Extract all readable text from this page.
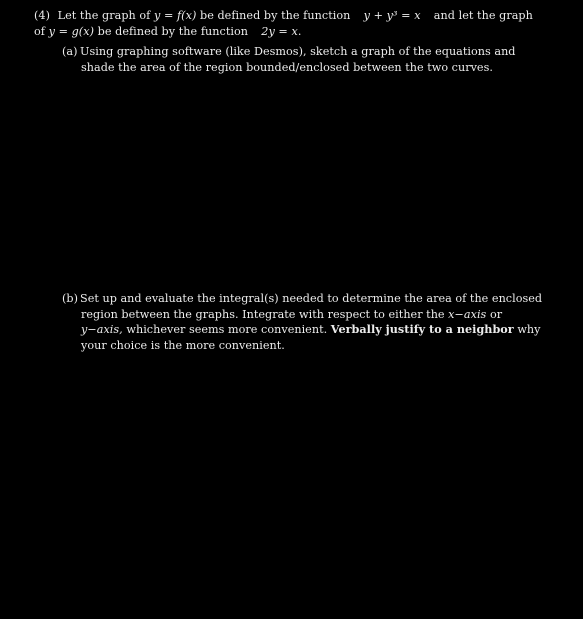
(4) Let the graph of y = f(x) be defined by the function y + y³ = x and let the graph of y = g(x) be defined by the function 2y = x.
(a) Using graphing software (like Desmos), sketch a graph of the equations and shade the area of the region bounded/enclosed between the two curves.
(b) Set up and evaluate the integral(s) needed to determine the area of the enclosed region between the graphs. Integrate with respect to either the x−axis or y−axis, whichever seems more convenient. Verbally justify to a neighbor why your choice is the more convenient.
